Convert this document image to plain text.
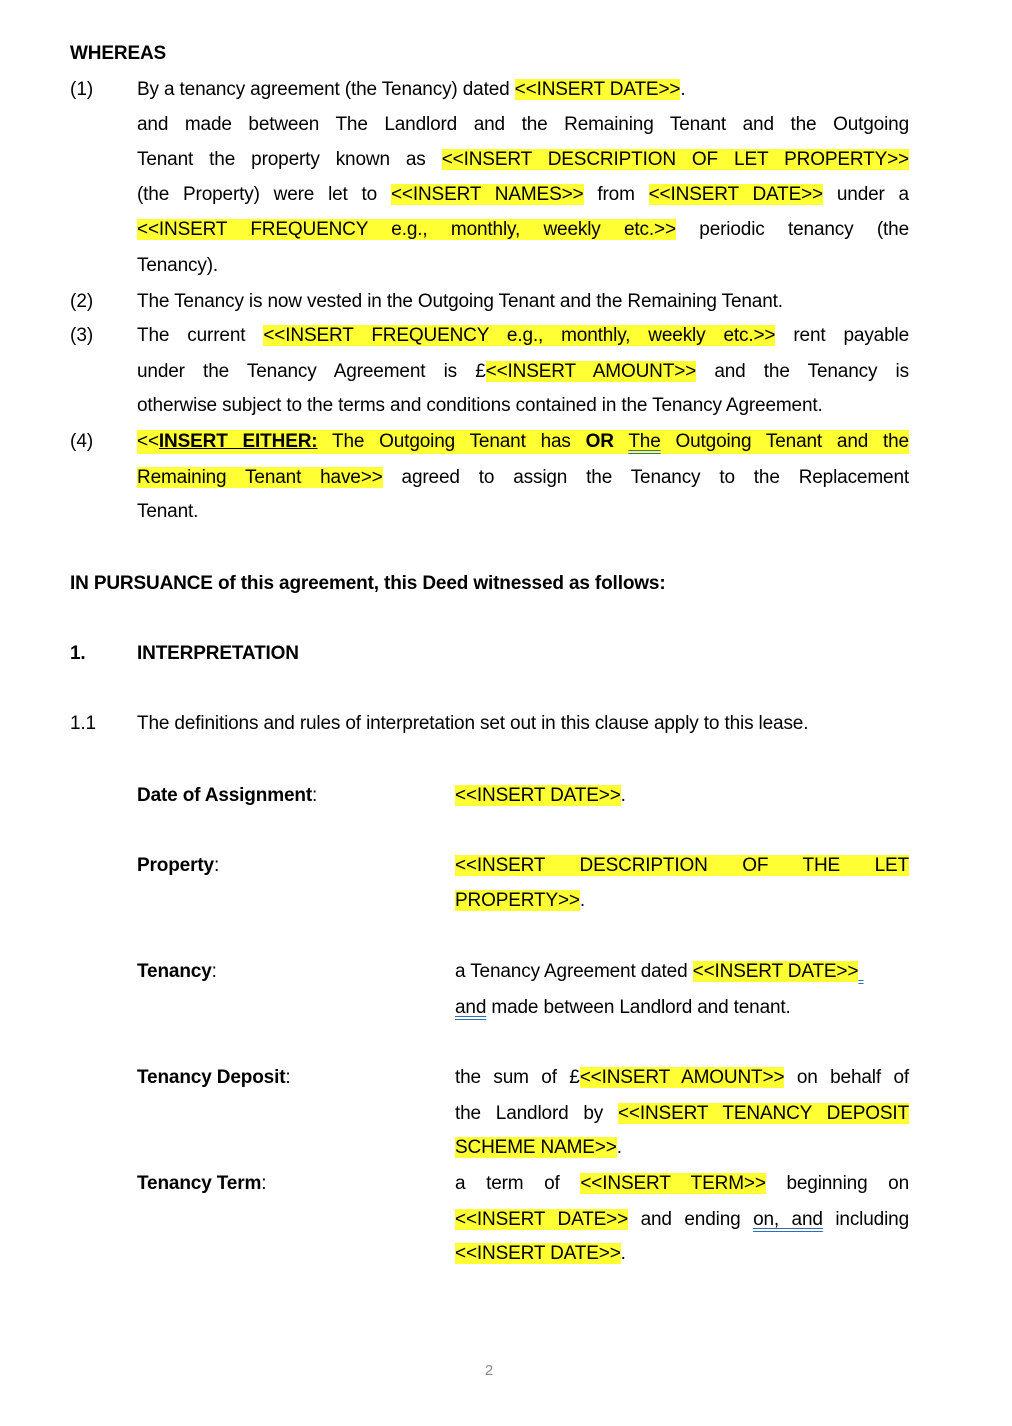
WHEREAS
(1) By a tenancy agreement (the Tenancy) dated <<INSERT DATE>>.
and made between The Landlord and the Remaining Tenant and the Outgoing
Tenant the property known as <<INSERT DESCRIPTION OF LET PROPERTY>>
(the Property) were let to <<INSERT NAMES>> from <<INSERT DATE>> under a
<<INSERT FREQUENCY e.g., monthly, weekly etc.>> periodic tenancy (the
Tenancy).
(2) The Tenancy is now vested in the Outgoing Tenant and the Remaining Tenant.
(3) The current <<INSERT FREQUENCY e.g., monthly, weekly etc.>> rent payable
under the Tenancy Agreement is £<<INSERT AMOUNT>> and the Tenancy is
otherwise subject to the terms and conditions contained in the Tenancy Agreement.
(4) <<INSERT EITHER: The Outgoing Tenant has OR The Outgoing Tenant and the
Remaining Tenant have>> agreed to assign the Tenancy to the Replacement
Tenant.
IN PURSUANCE of this agreement, this Deed witnessed as follows:
1.	INTERPRETATION
1.1 The definitions and rules of interpretation set out in this clause apply to this lease.
Date of Assignment:	<<INSERT DATE>>.
Property:	<<INSERT DESCRIPTION OF THE LET
PROPERTY>>.
Tenancy:	a Tenancy Agreement dated <<INSERT DATE>>
and made between Landlord and tenant.
Tenancy Deposit:	the sum of £<<INSERT AMOUNT>> on behalf of
the Landlord by <<INSERT TENANCY DEPOSIT
SCHEME NAME>>.
Tenancy Term:	a term of <<INSERT TERM>> beginning on
<<INSERT DATE>> and ending on, and including
<<INSERT DATE>>.
2
